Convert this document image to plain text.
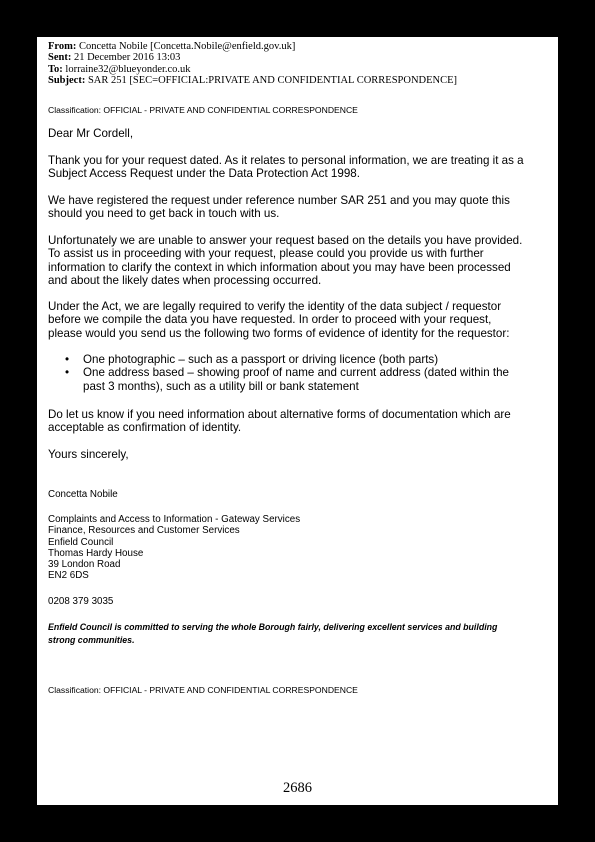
From: Concetta Nobile [Concetta.Nobile@enfield.gov.uk]
Sent: 21 December 2016 13:03
To: lorraine32@blueyonder.co.uk
Subject: SAR 251 [SEC=OFFICIAL:PRIVATE AND CONFIDENTIAL CORRESPONDENCE]
Classification: OFFICIAL - PRIVATE AND CONFIDENTIAL CORRESPONDENCE
Dear Mr Cordell,
Thank you for your request dated. As it relates to personal information, we are treating it as a
Subject Access Request under the Data Protection Act 1998.
We have registered the request under reference number SAR 251 and you may quote this
should you need to get back in touch with us.
Unfortunately we are unable to answer your request based on the details you have provided.
To assist us in proceeding with your request, please could you provide us with further
information to clarify the context in which information about you may have been processed
and about the likely dates when processing occurred.
Under the Act, we are legally required to verify the identity of the data subject / requestor
before we compile the data you have requested. In order to proceed with your request,
please would you send us the following two forms of evidence of identity for the requestor:
• One photographic – such as a passport or driving licence (both parts)
• One address based – showing proof of name and current address (dated within the
past 3 months), such as a utility bill or bank statement
Do let us know if you need information about alternative forms of documentation which are
acceptable as confirmation of identity.
Yours sincerely,
Concetta Nobile
Complaints and Access to Information - Gateway Services
Finance, Resources and Customer Services
Enfield Council
Thomas Hardy House
39 London Road
EN2 6DS
0208 379 3035
Enfield Council is committed to serving the whole Borough fairly, delivering excellent services and building
strong communities.
Classification: OFFICIAL - PRIVATE AND CONFIDENTIAL CORRESPONDENCE
2686
